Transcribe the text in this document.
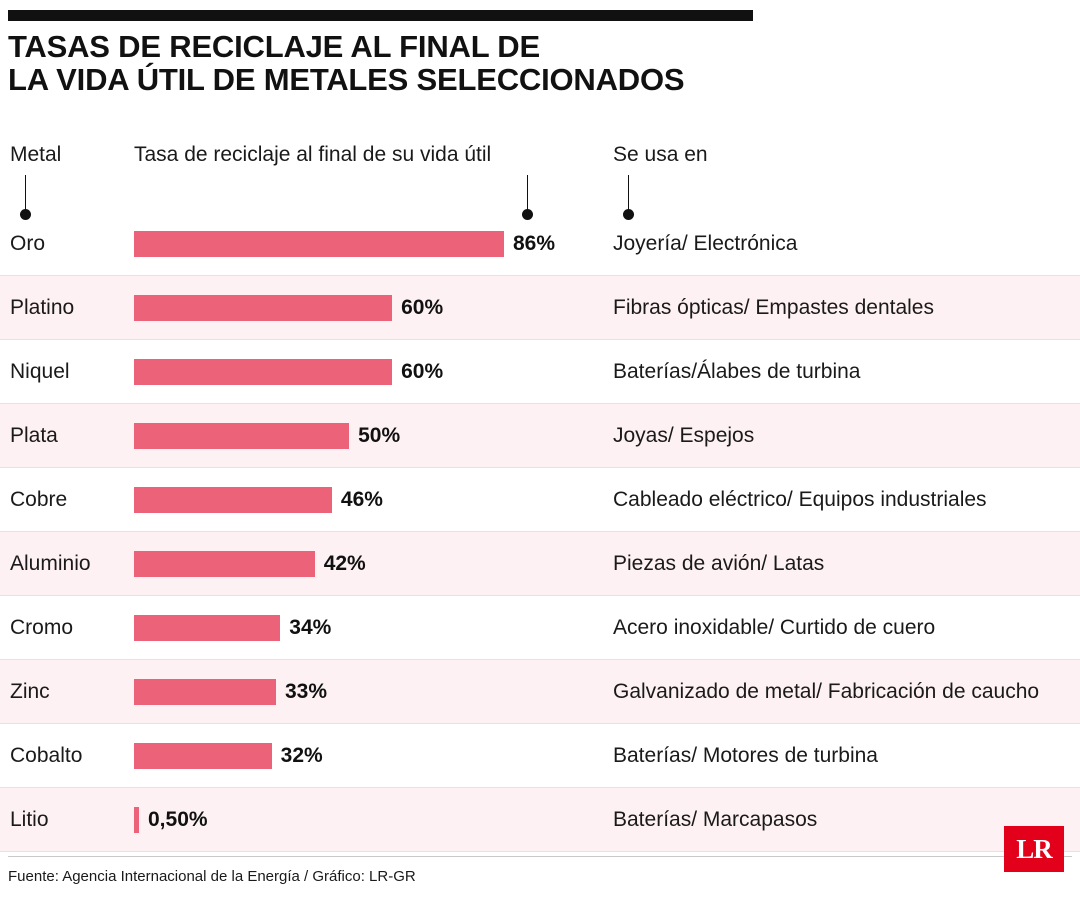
TASAS DE RECICLAJE AL FINAL DE
LA VIDA ÚTIL DE METALES SELECCIONADOS
Metal	Tasa de reciclaje al final de su vida útil	Se usa en
Oro	86%	Joyería/ Electrónica
Platino	60%	Fibras ópticas/ Empastes dentales
Niquel	60%	Baterías/Álabes de turbina
Plata	50%	Joyas/ Espejos
Cobre	46%	Cableado eléctrico/ Equipos industriales
Aluminio	42%	Piezas de avión/ Latas
Cromo	34%	Acero inoxidable/ Curtido de cuero
Zinc	33%	Galvanizado de metal/ Fabricación de caucho
Cobalto	32%	Baterías/ Motores de turbina
Litio	0,50%	Baterías/ Marcapasos
Fuente: Agencia Internacional de la Energía / Gráfico: LR-GR
LR
